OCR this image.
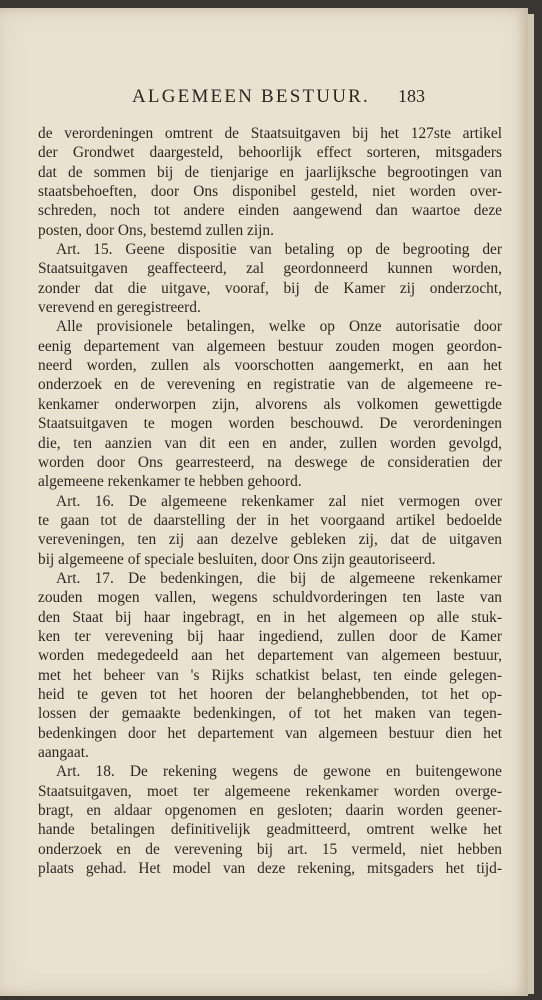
ALGEMEEN BESTUUR. 183
de verordeningen omtrent de Staatsuitgaven bij het 127ste artikel
der Grondwet daargesteld, behoorlijk effect sorteren, mitsgaders
dat de sommen bij de tienjarige en jaarlijksche begrootingen van
staatsbehoeften, door Ons disponibel gesteld, niet worden over-
schreden, noch tot andere einden aangewend dan waartoe deze
posten, door Ons, bestemd zullen zijn.
Art. 15. Geene dispositie van betaling op de begrooting der
Staatsuitgaven geaffecteerd, zal geordonneerd kunnen worden,
zonder dat die uitgave, vooraf, bij de Kamer zij onderzocht,
verevend en geregistreerd.
Alle provisionele betalingen, welke op Onze autorisatie door
eenig departement van algemeen bestuur zouden mogen geordon-
neerd worden, zullen als voorschotten aangemerkt, en aan het
onderzoek en de verevening en registratie van de algemeene re-
kenkamer onderworpen zijn, alvorens als volkomen gewettigde
Staatsuitgaven te mogen worden beschouwd. De verordeningen
die, ten aanzien van dit een en ander, zullen worden gevolgd,
worden door Ons gearresteerd, na deswege de consideratien der
algemeene rekenkamer te hebben gehoord.
Art. 16. De algemeene rekenkamer zal niet vermogen over
te gaan tot de daarstelling der in het voorgaand artikel bedoelde
vereveningen, ten zij aan dezelve gebleken zij, dat de uitgaven
bij algemeene of speciale besluiten, door Ons zijn geautoriseerd.
Art. 17. De bedenkingen, die bij de algemeene rekenkamer
zouden mogen vallen, wegens schuldvorderingen ten laste van
den Staat bij haar ingebragt, en in het algemeen op alle stuk-
ken ter verevening bij haar ingediend, zullen door de Kamer
worden medegedeeld aan het departement van algemeen bestuur,
met het beheer van 's Rijks schatkist belast, ten einde gelegen-
heid te geven tot het hooren der belanghebbenden, tot het op-
lossen der gemaakte bedenkingen, of tot het maken van tegen-
bedenkingen door het departement van algemeen bestuur dien het
aangaat.
Art. 18. De rekening wegens de gewone en buitengewone
Staatsuitgaven, moet ter algemeene rekenkamer worden overge-
bragt, en aldaar opgenomen en gesloten; daarin worden geener-
hande betalingen definitivelijk geadmitteerd, omtrent welke het
onderzoek en de verevening bij art. 15 vermeld, niet hebben
plaats gehad. Het model van deze rekening, mitsgaders het tijd-
